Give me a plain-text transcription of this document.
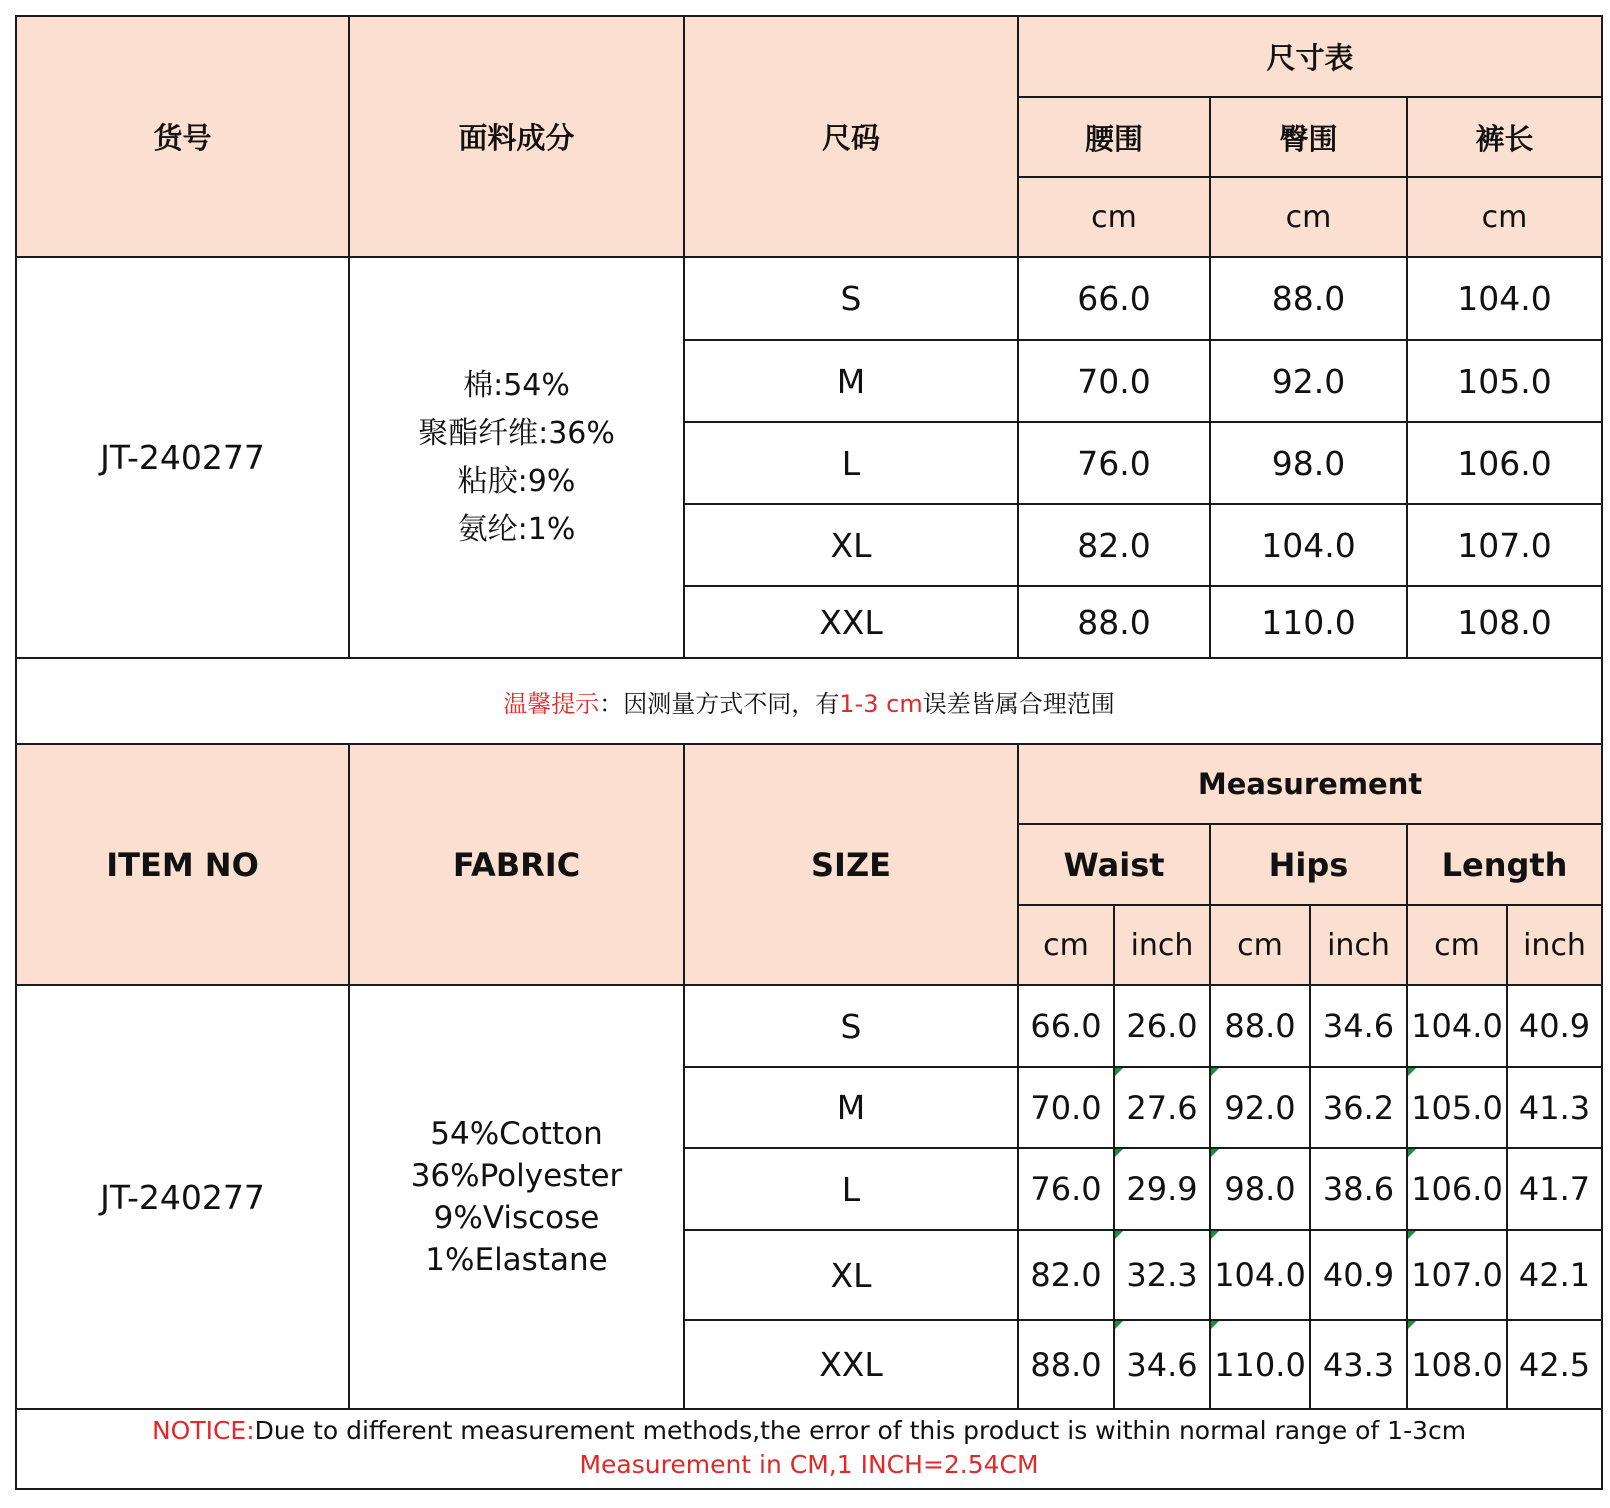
货号	面料成分	尺码	尺寸表		
			腰围	臀围	裤长
			cm	cm	cm
JT-240277	棉:54%
聚酯纤维:36%
粘胶:9%
氨纶:1%	S	66.0	88.0	104.0
		M	70.0	92.0	105.0
		L	76.0	98.0	106.0
		XL	82.0	104.0	107.0
		XXL	88.0	110.0	108.0
温馨提示：因测量方式不同，有1-3 cm误差皆属合理范围					
ITEM NO	FABRIC	SIZE	Measurement					
			Waist		Hips		Length	
			cm	inch	cm	inch	cm	inch
JT-240277	54%Cotton
36%Polyester
9%Viscose
1%Elastane	S	66.0	26.0	88.0	34.6	104.0	40.9
		M	70.0	27.6	92.0	36.2	105.0	41.3
		L	76.0	29.9	98.0	38.6	106.0	41.7
		XL	82.0	32.3	104.0	40.9	107.0	42.1
		XXL	88.0	34.6	110.0	43.3	108.0	42.5

NOTICE:Due to different measurement methods,the error of this product is within normal range of 1-3cm
Measurement in CM,1 INCH=2.54CM								
